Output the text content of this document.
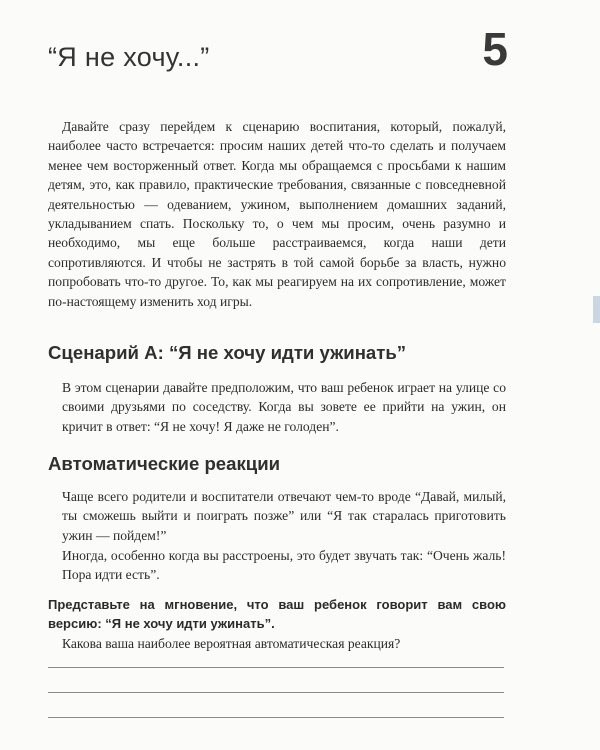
“Я не хочу...”	5

Давайте сразу перейдем к сценарию воспитания, который, пожалуй, наиболее часто встречается: просим наших детей что-то сделать и получаем менее чем восторженный ответ. Когда мы обращаемся с просьбами к нашим детям, это, как правило, практические требования, связанные с повседневной деятельностью — одеванием, ужином, выполнением домашних заданий, укладыванием спать. Поскольку то, о чем мы просим, очень разумно и необходимо, мы еще больше расстраиваемся, когда наши дети сопротивляются. И чтобы не застрять в той самой борьбе за власть, нужно попробовать что-то другое. То, как мы реагируем на их сопротивление, может по-настоящему изменить ход игры.

Сценарий А: “Я не хочу идти ужинать”

В этом сценарии давайте предположим, что ваш ребенок играет на улице со своими друзьями по соседству. Когда вы зовете ее прийти на ужин, он кричит в ответ: “Я не хочу! Я даже не голоден”.

Автоматические реакции

Чаще всего родители и воспитатели отвечают чем-то вроде “Давай, милый, ты сможешь выйти и поиграть позже” или “Я так старалась приготовить ужин — пойдем!”

Иногда, особенно когда вы расстроены, это будет звучать так: “Очень жаль! Пора идти есть”.

Представьте на мгновение, что ваш ребенок говорит вам свою версию: “Я не хочу идти ужинать”.

Какова ваша наиболее вероятная автоматическая реакция?
